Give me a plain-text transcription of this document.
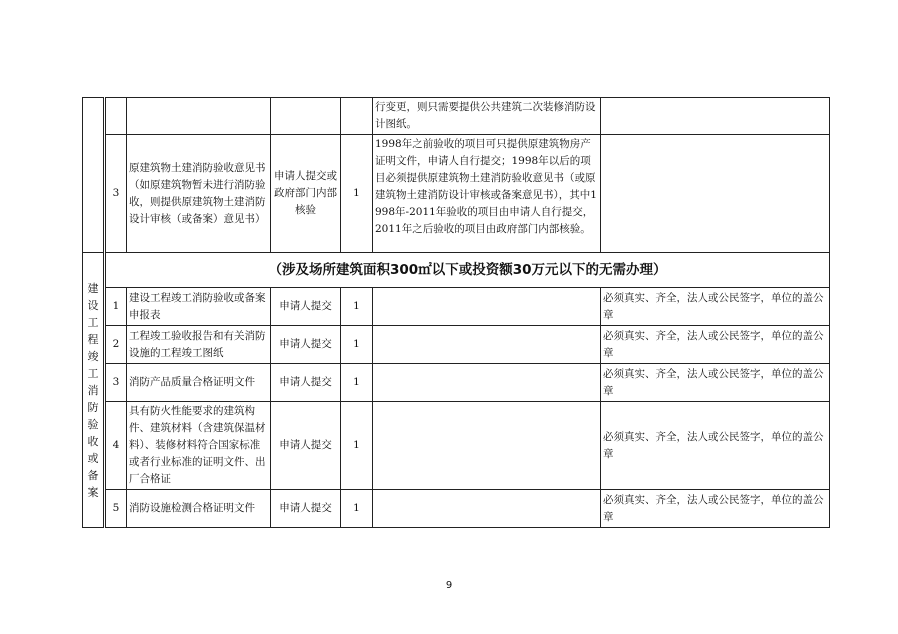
					行变更，则只需要提供公共建筑二次装修消防设计图纸。	
	3	原建筑物土建消防验收意见书（如原建筑物暂未进行消防验收，则提供原建筑物土建消防设计审核（或备案）意见书）	申请人提交或政府部门内部核验	1	1998年之前验收的项目可只提供原建筑物房产证明文件，申请人自行提交；1998年以后的项目必须提供原建筑物土建消防验收意见书（或原建筑物土建消防设计审核或备案意见书），其中1998年-2011年验收的项目由申请人自行提交，2011年之后验收的项目由政府部门内部核验。	
建设工程竣工消防验收或备案	（涉及场所建筑面积300㎡以下或投资额30万元以下的无需办理）					
	1	建设工程竣工消防验收或备案申报表	申请人提交	1		必须真实、齐全，法人或公民签字，单位的盖公章
	2	工程竣工验收报告和有关消防设施的工程竣工图纸	申请人提交	1		必须真实、齐全，法人或公民签字，单位的盖公章
	3	消防产品质量合格证明文件	申请人提交	1		必须真实、齐全，法人或公民签字，单位的盖公章
	4	具有防火性能要求的建筑构件、建筑材料（含建筑保温材料）、装修材料符合国家标准或者行业标准的证明文件、出厂合格证	申请人提交	1		必须真实、齐全，法人或公民签字，单位的盖公章
	5	消防设施检测合格证明文件	申请人提交	1		必须真实、齐全，法人或公民签字，单位的盖公章
9
